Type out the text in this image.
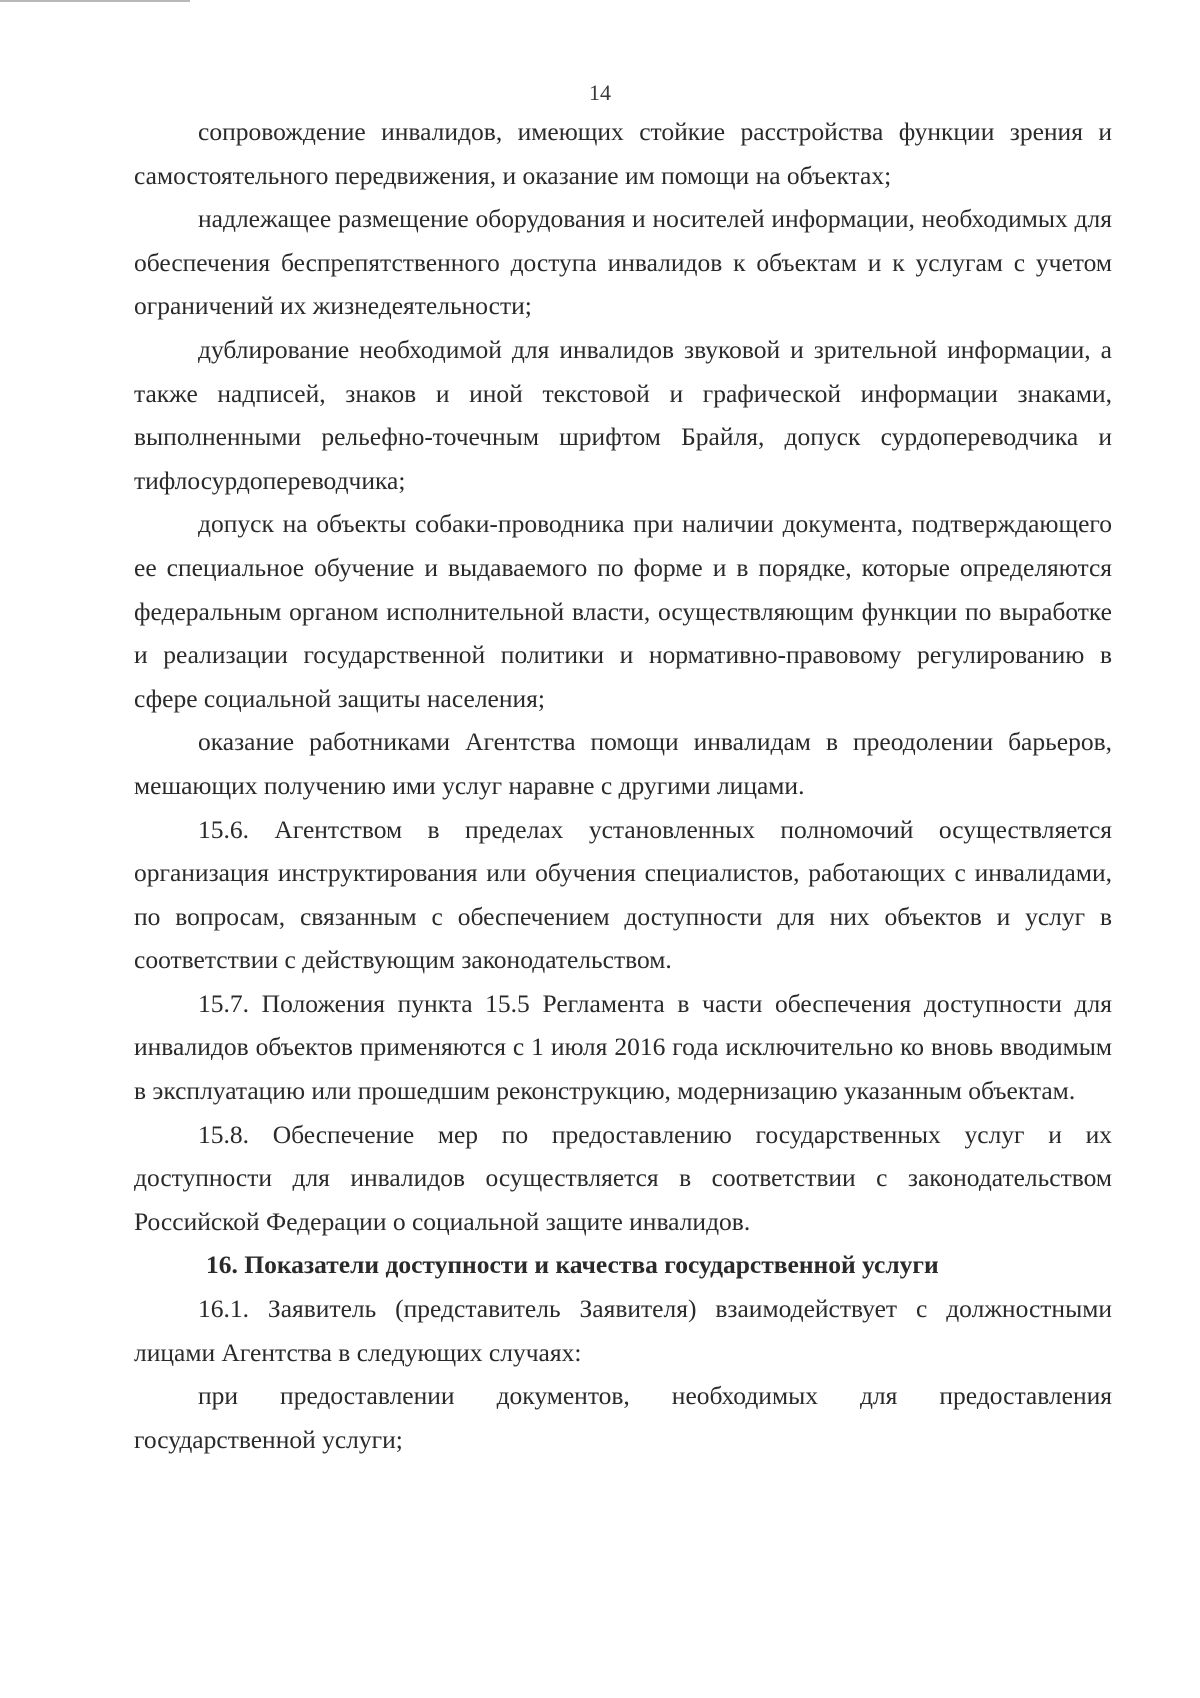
14

сопровождение инвалидов, имеющих стойкие расстройства функции зрения и самостоятельного передвижения, и оказание им помощи на объектах;

надлежащее размещение оборудования и носителей информации, необходимых для обеспечения беспрепятственного доступа инвалидов к объектам и к услугам с учетом ограничений их жизнедеятельности;

дублирование необходимой для инвалидов звуковой и зрительной информации, а также надписей, знаков и иной текстовой и графической информации знаками, выполненными рельефно-точечным шрифтом Брайля, допуск сурдопереводчика и тифлосурдопереводчика;

допуск на объекты собаки-проводника при наличии документа, подтверждающего ее специальное обучение и выдаваемого по форме и в порядке, которые определяются федеральным органом исполнительной власти, осуществляющим функции по выработке и реализации государственной политики и нормативно-правовому регулированию в сфере социальной защиты населения;

оказание работниками Агентства помощи инвалидам в преодолении барьеров, мешающих получению ими услуг наравне с другими лицами.

15.6. Агентством в пределах установленных полномочий осуществляется организация инструктирования или обучения специалистов, работающих с инвалидами, по вопросам, связанным с обеспечением доступности для них объектов и услуг в соответствии с действующим законодательством.

15.7. Положения пункта 15.5 Регламента в части обеспечения доступности для инвалидов объектов применяются с 1 июля 2016 года исключительно ко вновь вводимым в эксплуатацию или прошедшим реконструкцию, модернизацию указанным объектам.

15.8. Обеспечение мер по предоставлению государственных услуг и их доступности для инвалидов осуществляется в соответствии с законодательством Российской Федерации о социальной защите инвалидов.

16. Показатели доступности и качества государственной услуги

16.1. Заявитель (представитель Заявителя) взаимодействует с должностными лицами Агентства в следующих случаях:

при предоставлении документов, необходимых для предоставления государственной услуги;
